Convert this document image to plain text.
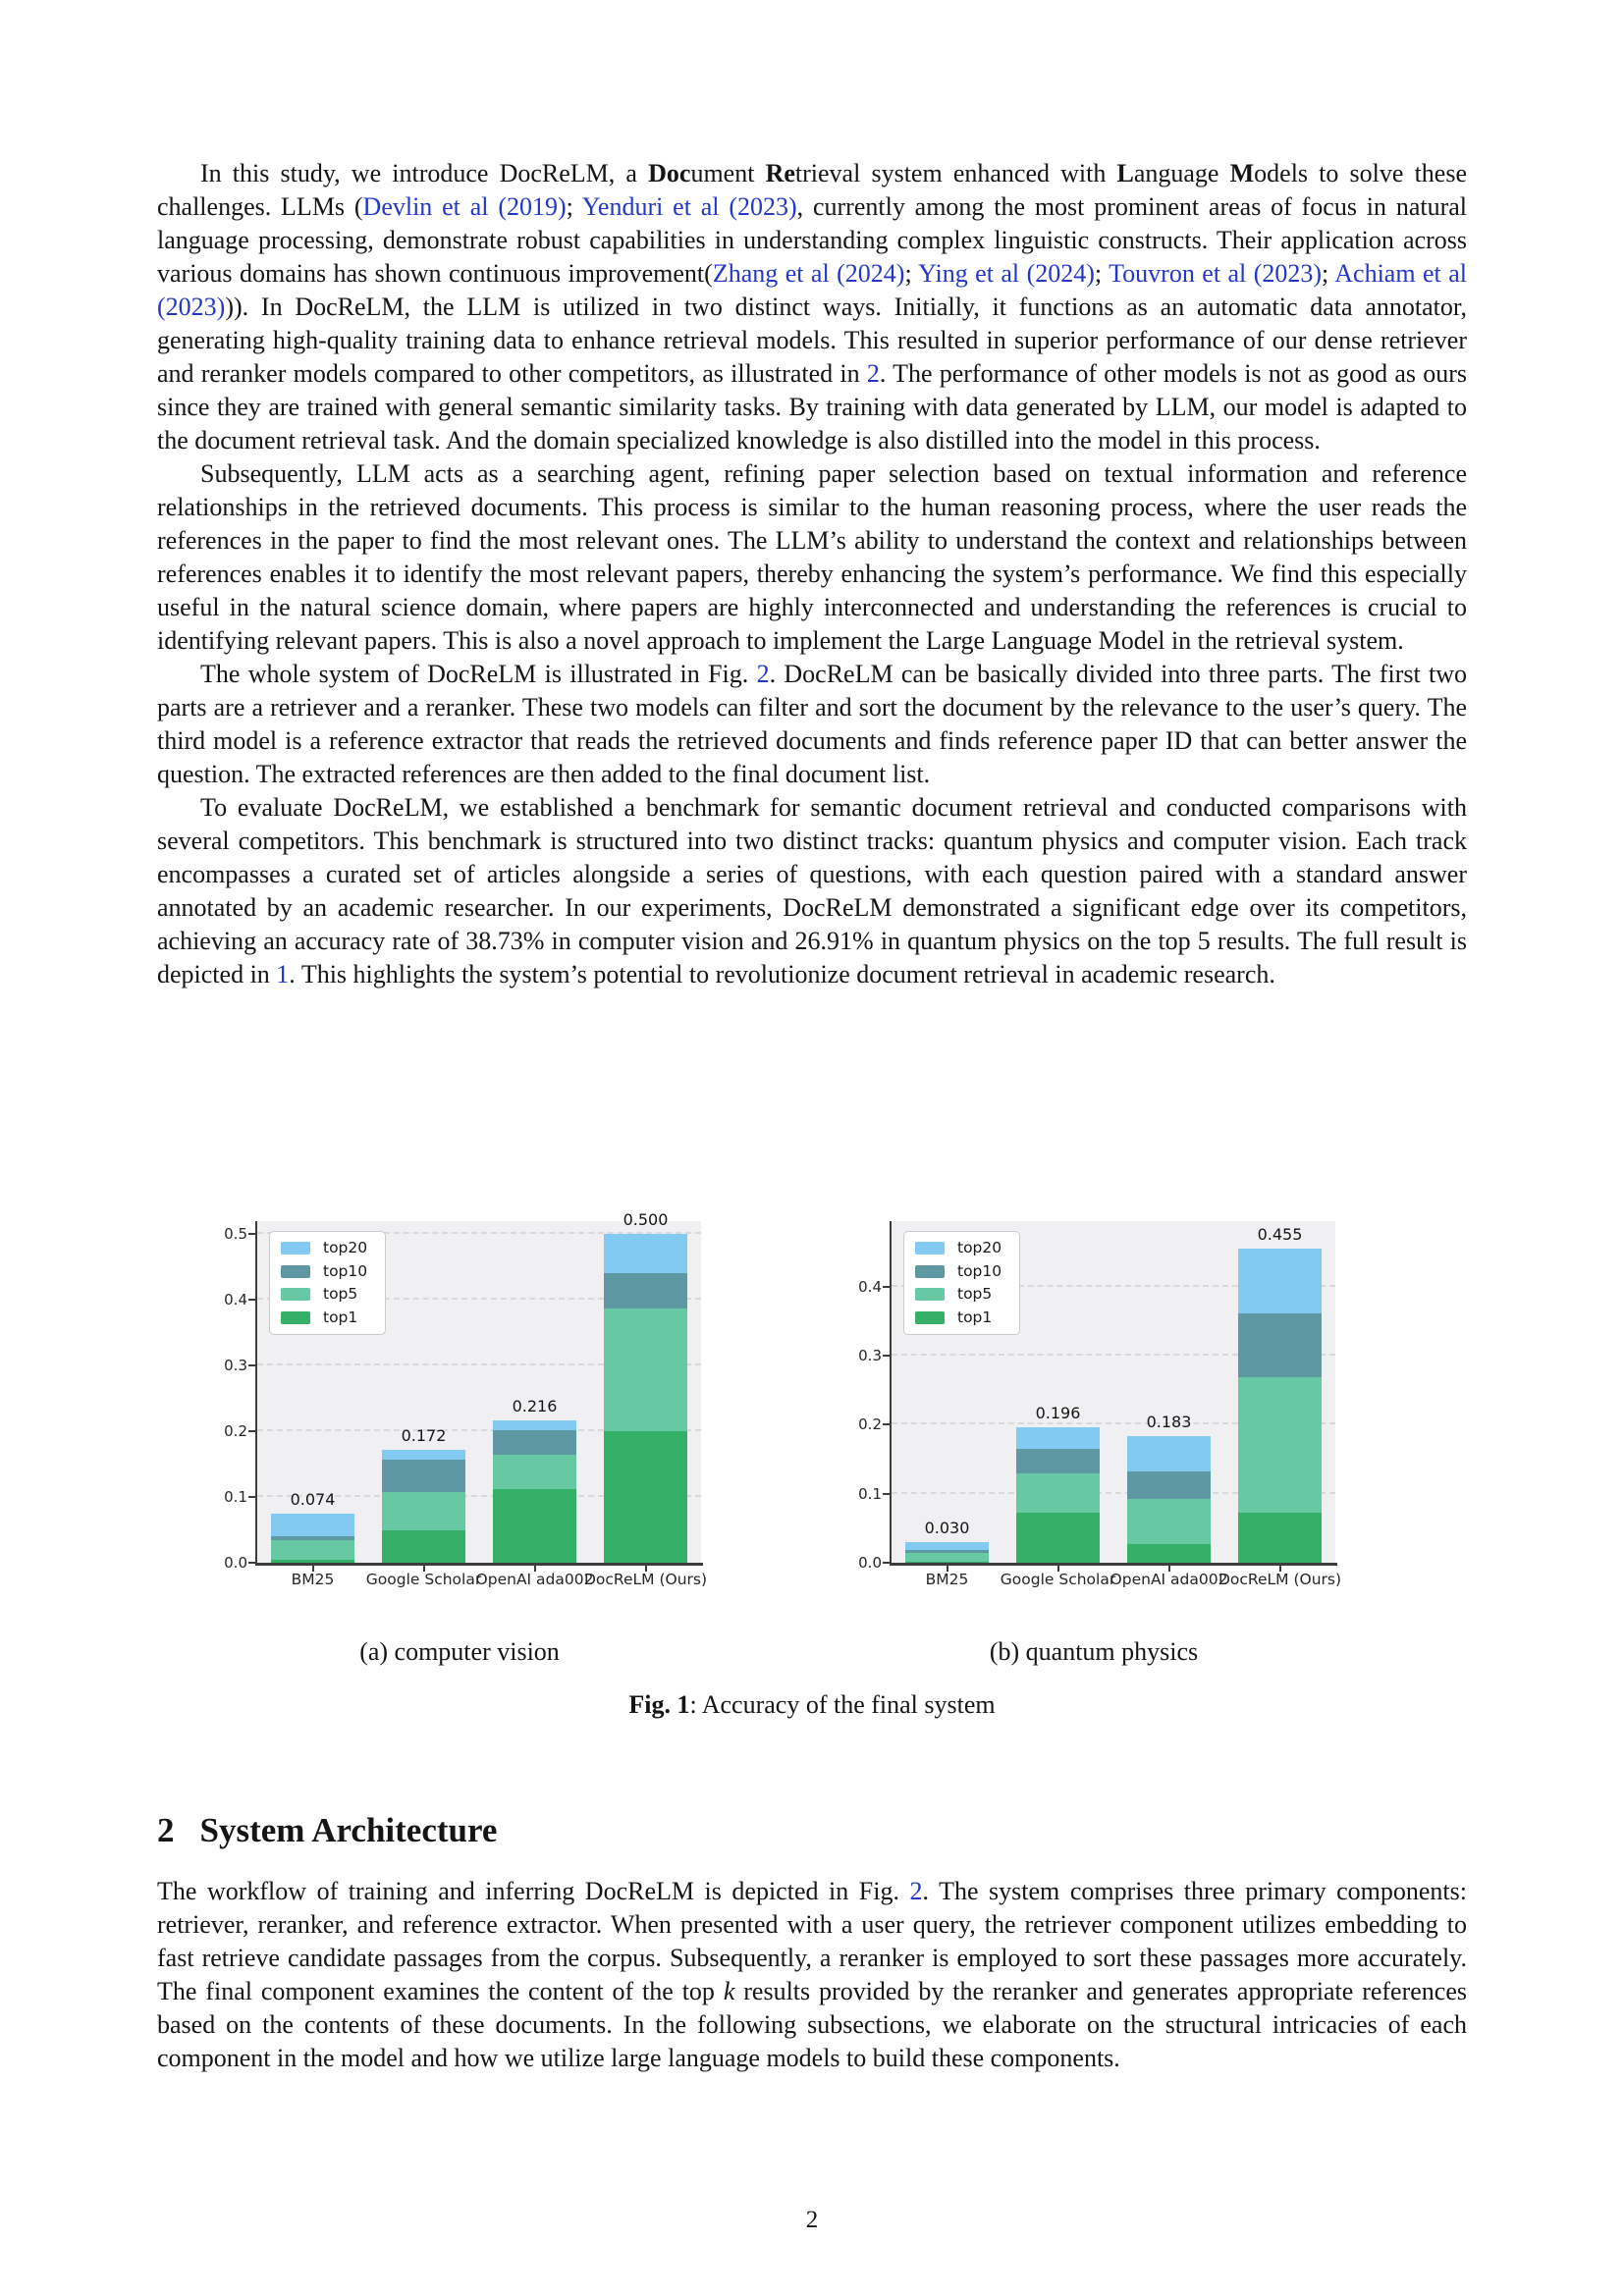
In this study, we introduce DocReLM, a Document Retrieval system enhanced with Language Models to solve these challenges. LLMs (Devlin et al (2019); Yenduri et al (2023), currently among the most prominent areas of focus in natural language processing, demonstrate robust capabilities in understanding complex linguistic constructs. Their application across various domains has shown continuous improvement(Zhang et al (2024); Ying et al (2024); Touvron et al (2023); Achiam et al (2023))). In DocReLM, the LLM is utilized in two distinct ways. Initially, it functions as an automatic data annotator, generating high-quality training data to enhance retrieval models. This resulted in superior performance of our dense retriever and reranker models compared to other competitors, as illustrated in 2. The performance of other models is not as good as ours since they are trained with general semantic similarity tasks. By training with data generated by LLM, our model is adapted to the document retrieval task. And the domain specialized knowledge is also distilled into the model in this process.

Subsequently, LLM acts as a searching agent, refining paper selection based on textual information and reference relationships in the retrieved documents. This process is similar to the human reasoning process, where the user reads the references in the paper to find the most relevant ones. The LLM’s ability to understand the context and relationships between references enables it to identify the most relevant papers, thereby enhancing the system’s performance. We find this especially useful in the natural science domain, where papers are highly interconnected and understanding the references is crucial to identifying relevant papers. This is also a novel approach to implement the Large Language Model in the retrieval system.

The whole system of DocReLM is illustrated in Fig. 2. DocReLM can be basically divided into three parts. The first two parts are a retriever and a reranker. These two models can filter and sort the document by the relevance to the user’s query. The third model is a reference extractor that reads the retrieved documents and finds reference paper ID that can better answer the question. The extracted references are then added to the final document list.

To evaluate DocReLM, we established a benchmark for semantic document retrieval and conducted comparisons with several competitors. This benchmark is structured into two distinct tracks: quantum physics and computer vision. Each track encompasses a curated set of articles alongside a series of questions, with each question paired with a standard answer annotated by an academic researcher. In our experiments, DocReLM demonstrated a significant edge over its competitors, achieving an accuracy rate of 38.73% in computer vision and 26.91% in quantum physics on the top 5 results. The full result is depicted in 1. This highlights the system’s potential to revolutionize document retrieval in academic research.

0.074
0.172
0.216
0.500
BM25 Google Scholar
OpenAI ada002
DocReLM (Ours)
0.0
0.1
0.2
0.3
0.4
0.5
top20
top10
top5
top1
0.030
0.196	0.183
0.455
BM25 Google Scholar
OpenAI ada002
DocReLM (Ours)
0.0
0.1
0.2
0.3
0.4
top20
top10
top5
top1
(a) computer vision	(b) quantum physics
Fig. 1: Accuracy of the final system
2 System Architecture

The workflow of training and inferring DocReLM is depicted in Fig. 2. The system comprises three primary components: retriever, reranker, and reference extractor. When presented with a user query, the retriever component utilizes embedding to fast retrieve candidate passages from the corpus. Subsequently, a reranker is employed to sort these passages more accurately. The final component examines the content of the top k results provided by the reranker and generates appropriate references based on the contents of these documents. In the following subsections, we elaborate on the structural intricacies of each component in the model and how we utilize large language models to build these components.

2
